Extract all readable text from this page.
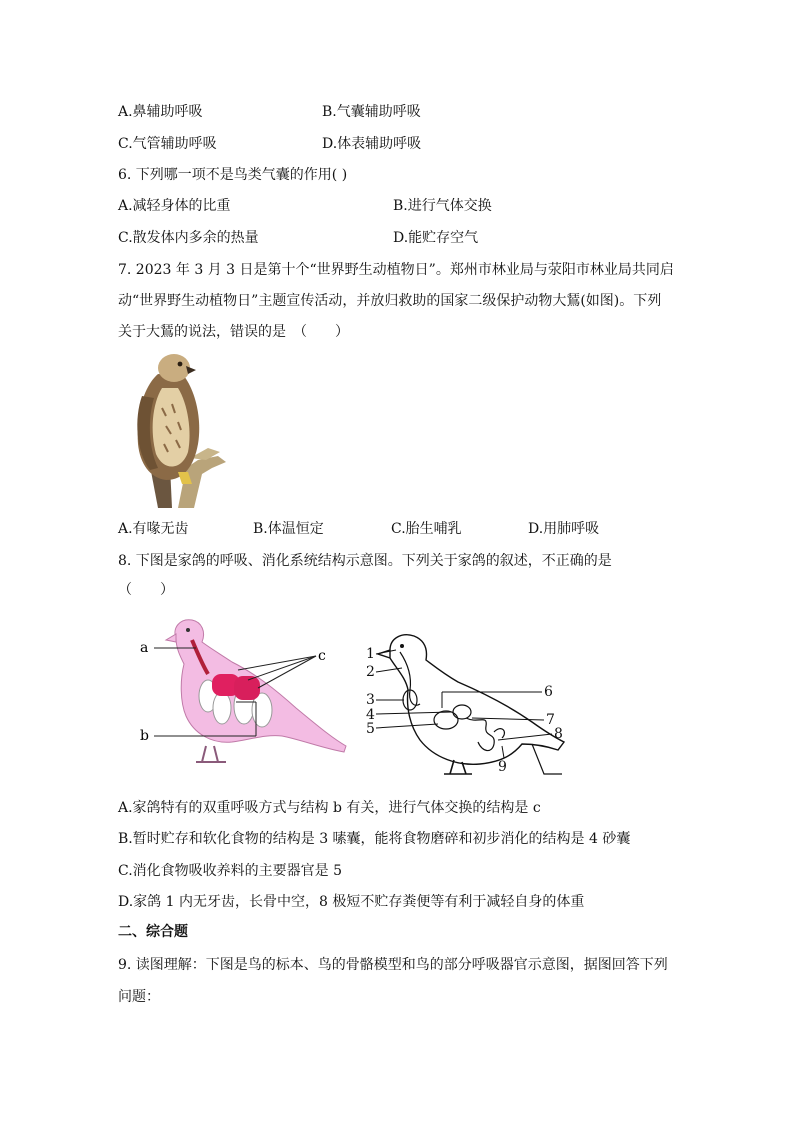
A.鼻辅助呼吸	B.气囊辅助呼吸
C.气管辅助呼吸	D.体表辅助呼吸
6. 下列哪一项不是鸟类气囊的作用( )
A.减轻身体的比重	B.进行气体交换
C.散发体内多余的热量	D.能贮存空气
7. 2023 年 3 月 3 日是第十个“世界野生动植物日”。郑州市林业局与荥阳市林业局共同启
动“世界野生动植物日”主题宣传活动，并放归救助的国家二级保护动物大鵟(如图)。下列
关于大鵟的说法，错误的是　（　　）
A.有喙无齿	B.体温恒定	C.胎生哺乳	D.用肺呼吸
8. 下图是家鸽的呼吸、消化系统结构示意图。下列关于家鸽的叙述，不正确的是
（　　）
a
b
c	1
2
3
4
5
6
7
8
9
A.家鸽特有的双重呼吸方式与结构 b 有关，进行气体交换的结构是 c
B.暂时贮存和软化食物的结构是 3 嗉囊，能将食物磨碎和初步消化的结构是 4 砂囊
C.消化食物吸收养料的主要器官是 5
D.家鸽 1 内无牙齿，长骨中空，8 极短不贮存粪便等有利于减轻自身的体重
二、综合题
9. 读图理解：下图是鸟的标本、鸟的骨骼模型和鸟的部分呼吸器官示意图，据图回答下列
问题：
